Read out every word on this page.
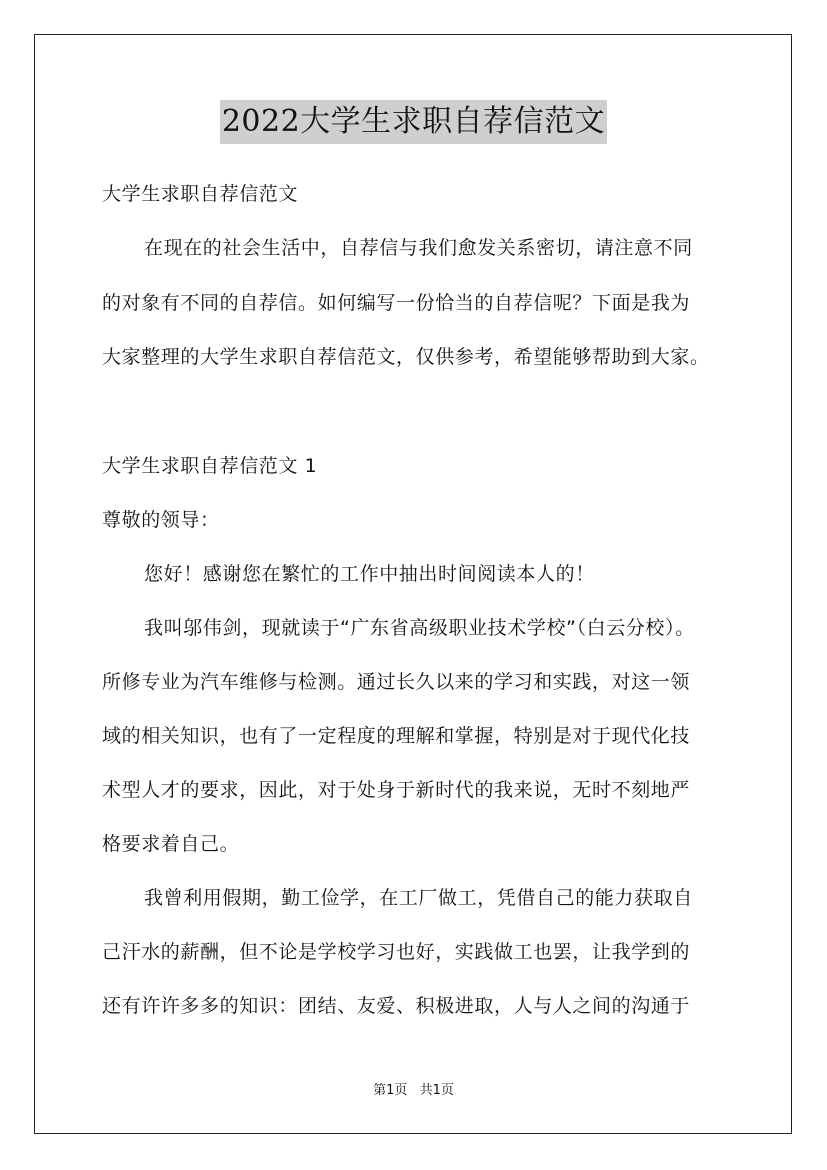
2022大学生求职自荐信范文
大学生求职自荐信范文
在现在的社会生活中，自荐信与我们愈发关系密切，请注意不同
的对象有不同的自荐信。如何编写一份恰当的自荐信呢？下面是我为
大家整理的大学生求职自荐信范文，仅供参考，希望能够帮助到大家。
大学生求职自荐信范文 1
尊敬的领导：
您好！感谢您在繁忙的工作中抽出时间阅读本人的！
我叫邬伟剑，现就读于“广东省高级职业技术学校”（白云分校）。
所修专业为汽车维修与检测。通过长久以来的学习和实践，对这一领
域的相关知识，也有了一定程度的理解和掌握，特别是对于现代化技
术型人才的要求，因此，对于处身于新时代的我来说，无时不刻地严
格要求着自己。
我曾利用假期，勤工俭学，在工厂做工，凭借自己的能力获取自
己汗水的薪酬，但不论是学校学习也好，实践做工也罢，让我学到的
还有许许多多的知识：团结、友爱、积极进取，人与人之间的沟通于
第1页 共1页
